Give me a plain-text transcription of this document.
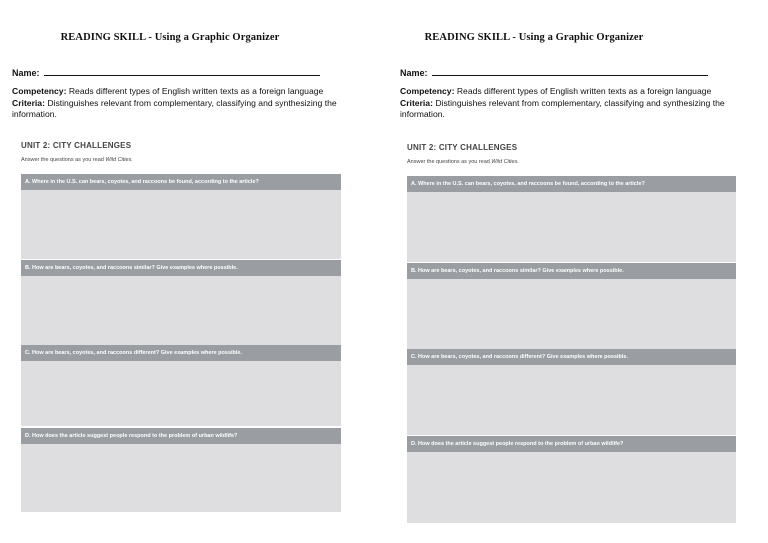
READING SKILL - Using a Graphic Organizer
Name:
Competency: Reads different types of English written texts as a foreign language
Criteria: Distinguishes relevant from complementary, classifying and synthesizing the information.
UNIT 2: CITY CHALLENGES
Answer the questions as you read Wild Cities.
A. Where in the U.S. can bears, coyotes, and raccoons be found, according to the article?
B. How are bears, coyotes, and raccoons similar? Give examples where possible.
C. How are bears, coyotes, and raccoons different? Give examples where possible.
D. How does the article suggest people respond to the problem of urban wildlife?
READING SKILL - Using a Graphic Organizer
Name:
Competency: Reads different types of English written texts as a foreign language
Criteria: Distinguishes relevant from complementary, classifying and synthesizing the information.
UNIT 2: CITY CHALLENGES
Answer the questions as you read Wild Cities.
A. Where in the U.S. can bears, coyotes, and raccoons be found, according to the article?
B. How are bears, coyotes, and raccoons similar? Give examples where possible.
C. How are bears, coyotes, and raccoons different? Give examples where possible.
D. How does the article suggest people respond to the problem of urban wildlife?
